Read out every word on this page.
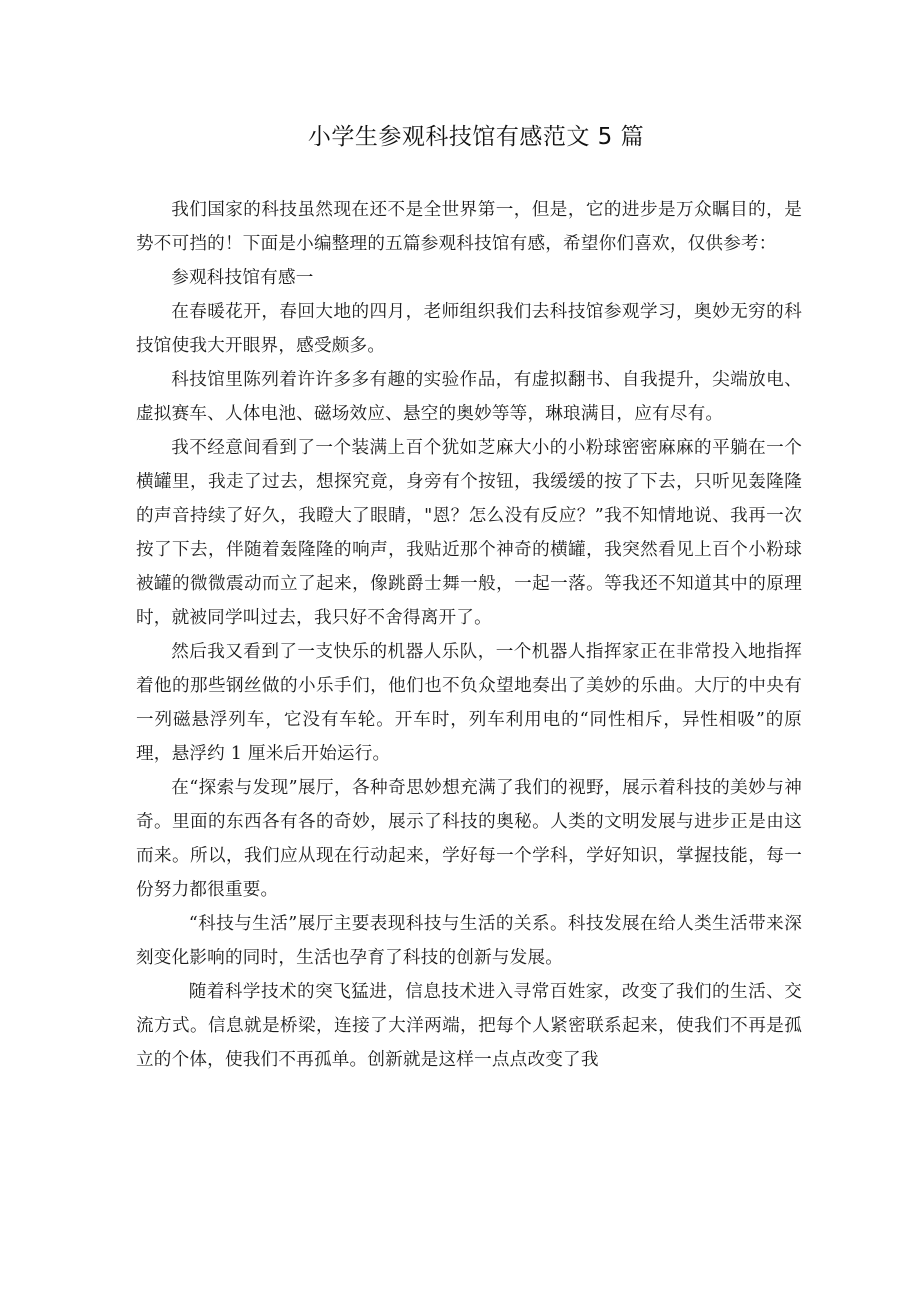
小学生参观科技馆有感范文 5 篇

我们国家的科技虽然现在还不是全世界第一，但是，它的进步是万众瞩目的，是势不可挡的！下面是小编整理的五篇参观科技馆有感，希望你们喜欢，仅供参考：

参观科技馆有感一

在春暖花开，春回大地的四月，老师组织我们去科技馆参观学习，奥妙无穷的科技馆使我大开眼界，感受颇多。

科技馆里陈列着许许多多有趣的实验作品，有虚拟翻书、自我提升，尖端放电、虚拟赛车、人体电池、磁场效应、悬空的奥妙等等，琳琅满目，应有尽有。

我不经意间看到了一个装满上百个犹如芝麻大小的小粉球密密麻麻的平躺在一个横罐里，我走了过去，想探究竟，身旁有个按钮，我缓缓的按了下去，只听见轰隆隆的声音持续了好久，我瞪大了眼睛，"恩？怎么没有反应？”我不知情地说、我再一次按了下去，伴随着轰隆隆的响声，我贴近那个神奇的横罐，我突然看见上百个小粉球被罐的微微震动而立了起来，像跳爵士舞一般，一起一落。等我还不知道其中的原理时，就被同学叫过去，我只好不舍得离开了。

然后我又看到了一支快乐的机器人乐队，一个机器人指挥家正在非常投入地指挥着他的那些钢丝做的小乐手们，他们也不负众望地奏出了美妙的乐曲。大厅的中央有一列磁悬浮列车，它没有车轮。开车时，列车利用电的“同性相斥，异性相吸”的原理，悬浮约 1 厘米后开始运行。

在“探索与发现”展厅，各种奇思妙想充满了我们的视野，展示着科技的美妙与神奇。里面的东西各有各的奇妙，展示了科技的奥秘。人类的文明发展与进步正是由这而来。所以，我们应从现在行动起来，学好每一个学科，学好知识，掌握技能，每一份努力都很重要。

“科技与生活”展厅主要表现科技与生活的关系。科技发展在给人类生活带来深刻变化影响的同时，生活也孕育了科技的创新与发展。

随着科学技术的突飞猛进，信息技术进入寻常百姓家，改变了我们的生活、交流方式。信息就是桥梁，连接了大洋两端，把每个人紧密联系起来，使我们不再是孤立的个体，使我们不再孤单。创新就是这样一点点改变了我
